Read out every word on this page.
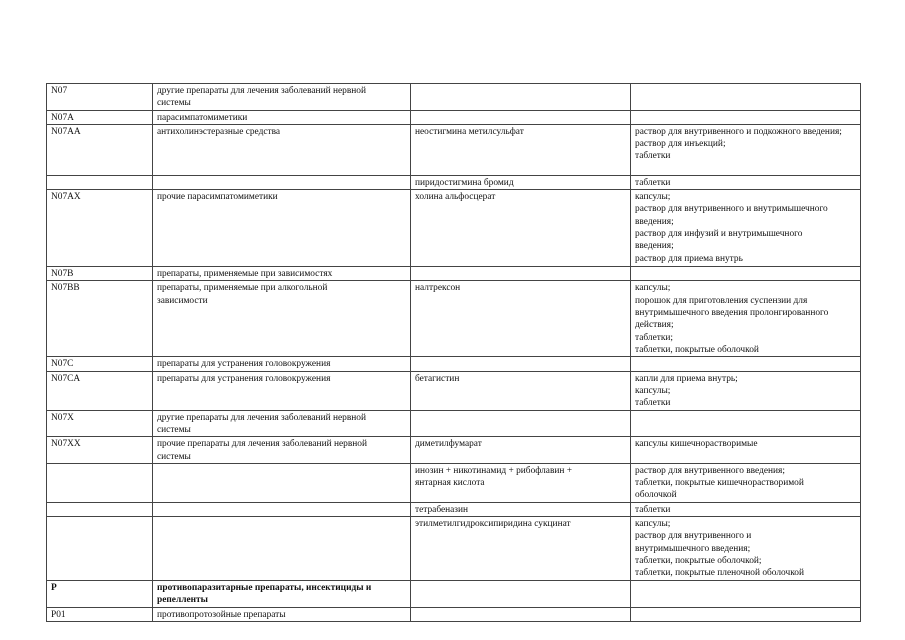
N07	другие препараты для лечения заболеваний нервной системы		

N07A	парасимпатомиметики		
N07AA	антихолинэстеразные средства	неостигмина метилсульфат	раствор для внутривенного и подкожного введения;
раствор для инъекций;
таблетки

		пиридостигмина бромид	таблетки

N07AX	прочие парасимпатомиметики	холина альфосцерат	капсулы;
раствор для внутривенного и внутримышечного введения;
раствор для инфузий и внутримышечного введения;
раствор для приема внутрь

N07B	препараты, применяемые при зависимостях		
N07BB	препараты, применяемые при алкогольной зависимости	налтрексон	капсулы;
порошок для приготовления суспензии для внутримышечного введения пролонгированного действия;
таблетки;
таблетки, покрытые оболочкой

N07C	препараты для устранения головокружения		
N07CA	препараты для устранения головокружения	бетагистин	капли для приема внутрь;
капсулы;
таблетки

N07X	другие препараты для лечения заболеваний нервной системы		

N07XX	прочие препараты для лечения заболеваний нервной системы	диметилфумарат	капсулы кишечнорастворимые

		инозин + никотинамид + рибофлавин + янтарная кислота	раствор для внутривенного введения;
таблетки, покрытые кишечнорастворимой оболочкой

		тетрабеназин	таблетки

		этилметилгидроксипиридина сукцинат	капсулы;
раствор для внутривенного и внутримышечного введения;
таблетки, покрытые оболочкой;
таблетки, покрытые пленочной оболочкой

P	противопаразитарные препараты, инсектициды и репелленты		

P01	противопротозойные препараты		
